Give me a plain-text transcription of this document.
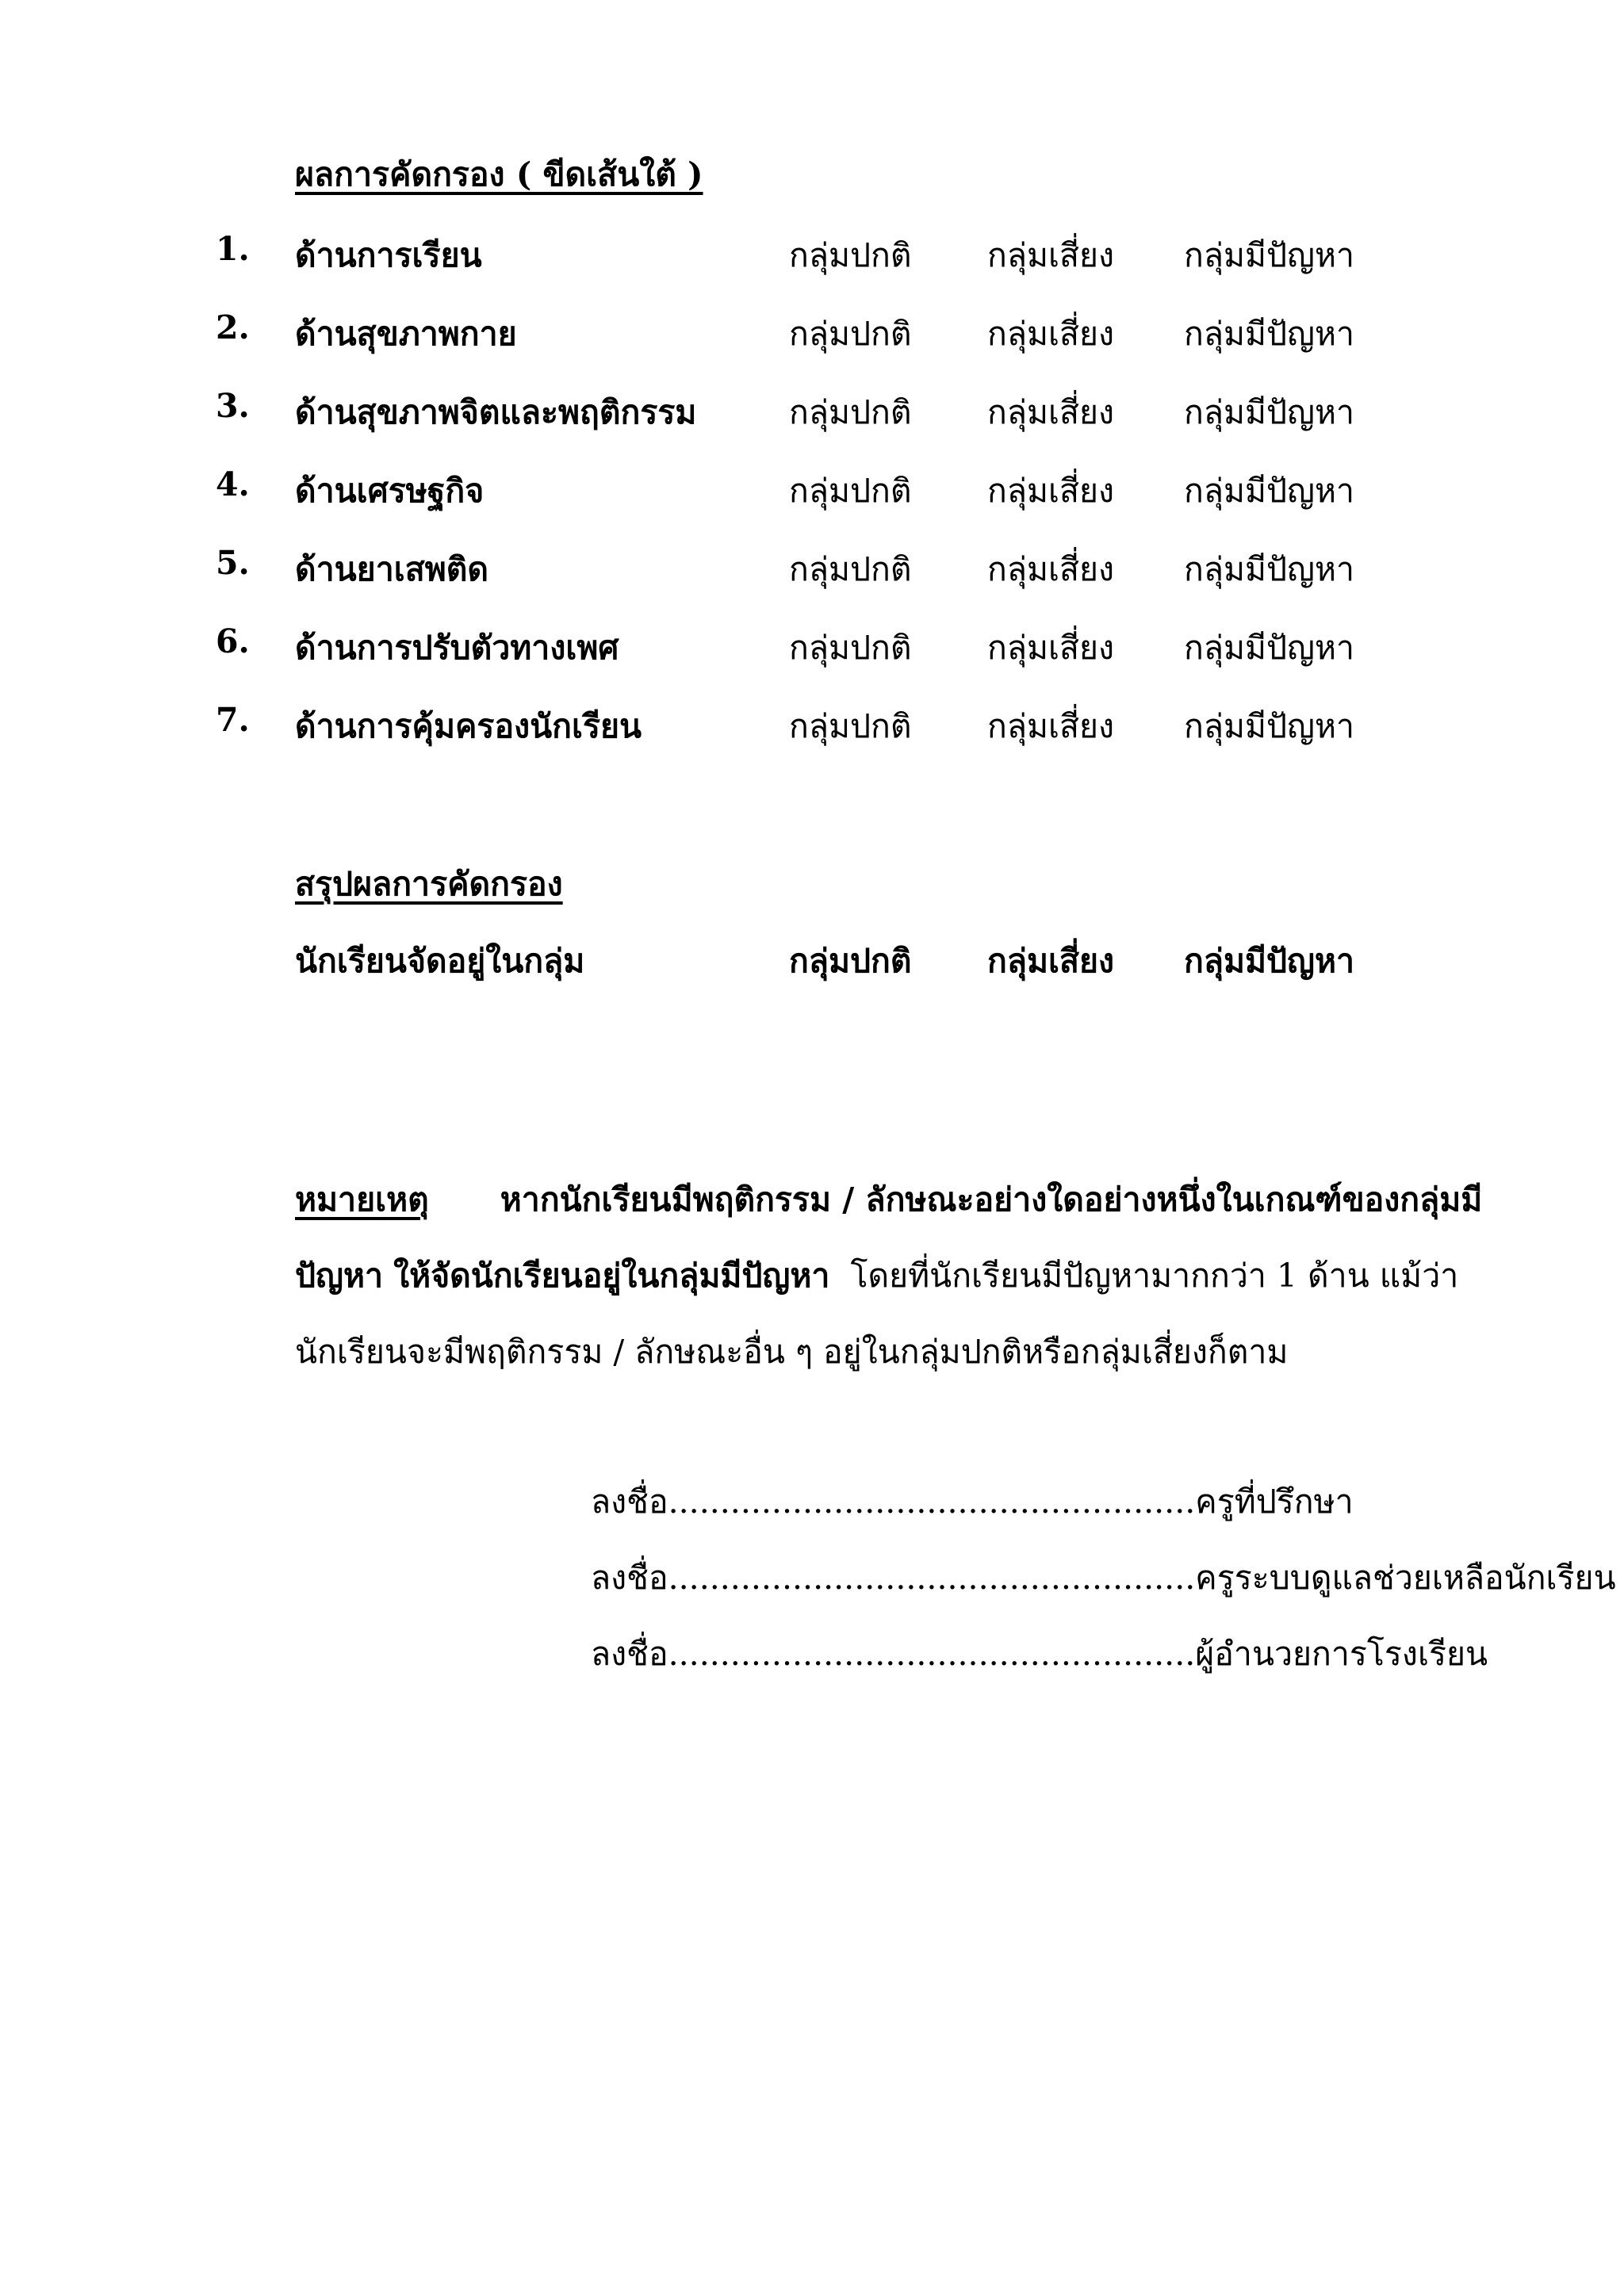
ผลการคัดกรอง ( ขีดเส้นใต้ )
1. ด้านการเรียน	กลุ่มปกติ กลุ่มเสี่ยง กลุ่มมีปัญหา
2. ด้านสุขภาพกาย	กลุ่มปกติ กลุ่มเสี่ยง กลุ่มมีปัญหา
3. ด้านสุขภาพจิตและพฤติกรรม	กลุ่มปกติ กลุ่มเสี่ยง กลุ่มมีปัญหา
4. ด้านเศรษฐกิจ	กลุ่มปกติ กลุ่มเสี่ยง กลุ่มมีปัญหา
5. ด้านยาเสพติด	กลุ่มปกติ กลุ่มเสี่ยง กลุ่มมีปัญหา
6. ด้านการปรับตัวทางเพศ	กลุ่มปกติ กลุ่มเสี่ยง กลุ่มมีปัญหา
7. ด้านการคุ้มครองนักเรียน	กลุ่มปกติ กลุ่มเสี่ยง กลุ่มมีปัญหา
สรุปผลการคัดกรอง
นักเรียนจัดอยู่ในกลุ่ม	กลุ่มปกติ กลุ่มเสี่ยง กลุ่มมีปัญหา
หมายเหตุ หากนักเรียนมีพฤติกรรม / ลักษณะอย่างใดอย่างหนึ่งในเกณฑ์ของกลุ่มมีปัญหา ให้จัดนักเรียนอยู่ในกลุ่มมีปัญหา โดยที่นักเรียนมีปัญหามากกว่า 1 ด้าน แม้ว่านักเรียนจะมีพฤติกรรม / ลักษณะอื่น ๆ อยู่ในกลุ่มปกติหรือกลุ่มเสี่ยงก็ตาม
ลงชื่อ...................................................ครูที่ปรึกษา
ลงชื่อ...................................................ครูระบบดูแลช่วยเหลือนักเรียน
ลงชื่อ...................................................ผู้อำนวยการโรงเรียน
